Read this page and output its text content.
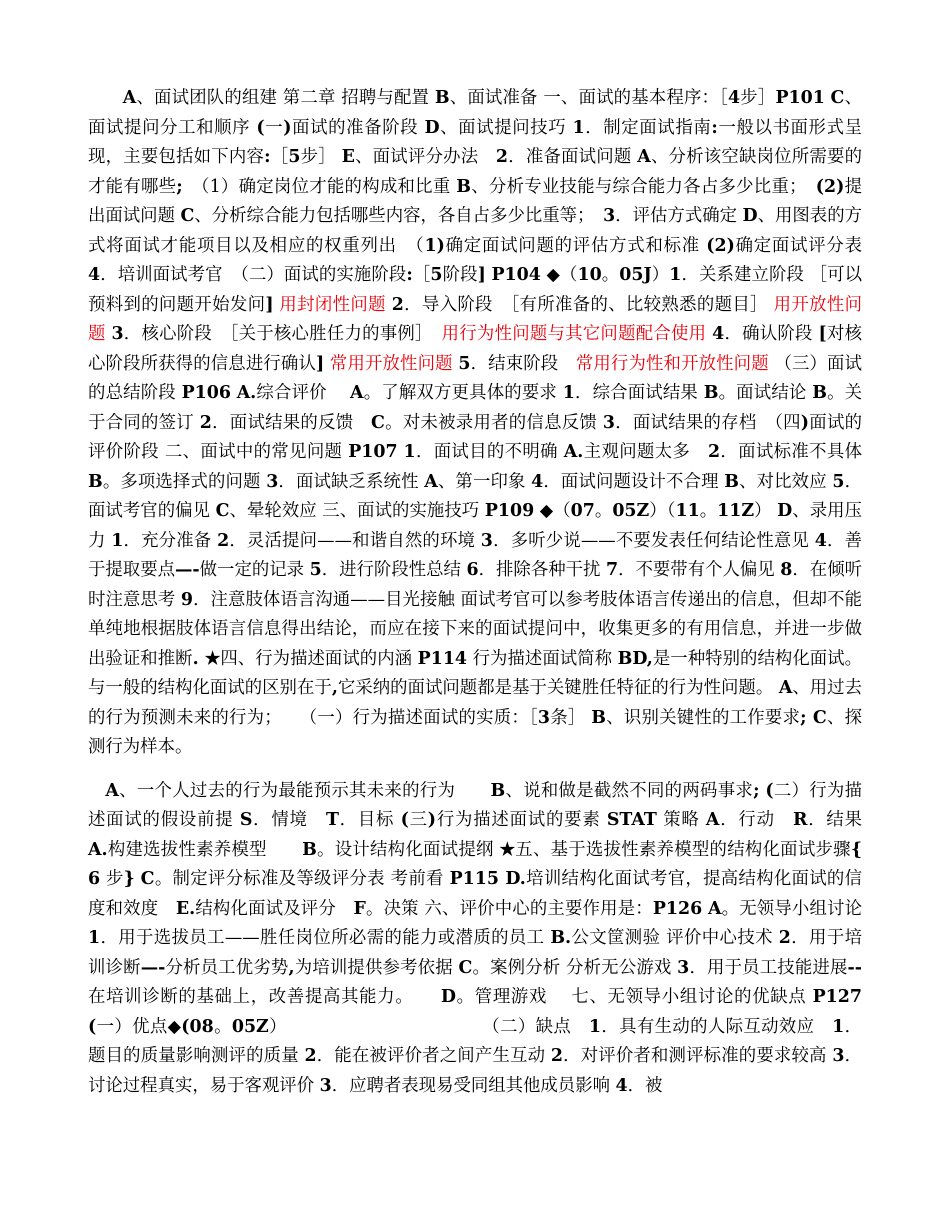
A、面试团队的组建 第二章 招聘与配置 B、面试准备 一、面试的基本程序：［4步］P101 C、面试提问分工和顺序 (一)面试的准备阶段 D、面试提问技巧 1．制定面试指南:一般以书面形式呈现，主要包括如下内容:［5步］ E、面试评分办法　2．准备面试问题 A、分析该空缺岗位所需要的才能有哪些;　（1）确定岗位才能的构成和比重 B、分析专业技能与综合能力各占多少比重；　(2)提出面试问题 C、分析综合能力包括哪些内容，各自占多少比重等；　3．评估方式确定 D、用图表的方式将面试才能项目以及相应的权重列出　（1)确定面试问题的评估方式和标准 (2)确定面试评分表 4．培训面试考官　（二）面试的实施阶段:［5阶段] P104 ◆（10。05J）1．关系建立阶段 ［可以预料到的问题开始发问] 用封闭性问题 2．导入阶段　［有所准备的、比较熟悉的题目］ 用开放性问题 3．核心阶段　［关于核心胜任力的事例］　用行为性问题与其它问题配合使用 4．确认阶段 [对核心阶段所获得的信息进行确认] 常用开放性问题 5．结束阶段　常用行为性和开放性问题 （三）面试的总结阶段 P106 A.综合评价　 A。了解双方更具体的要求 1．综合面试结果 B。面试结论 B。关于合同的签订 2．面试结果的反馈　C。对未被录用者的信息反馈 3．面试结果的存档　（四)面试的评价阶段 二、面试中的常见问题 P107 1．面试目的不明确 A.主观问题太多　2．面试标准不具体 B。多项选择式的问题 3．面试缺乏系统性 A、第一印象 4．面试问题设计不合理 B、对比效应 5．面试考官的偏见 C、晕轮效应 三、面试的实施技巧 P109 ◆（07。05Z）（11。11Z） D、录用压力 1．充分准备 2．灵活提问——和谐自然的环境 3．多听少说——不要发表任何结论性意见 4．善于提取要点—-做一定的记录 5．进行阶段性总结 6．排除各种干扰 7．不要带有个人偏见 8．在倾听时注意思考 9．注意肢体语言沟通——目光接触 面试考官可以参考肢体语言传递出的信息，但却不能单纯地根据肢体语言信息得出结论，而应在接下来的面试提问中，收集更多的有用信息，并进一步做出验证和推断. ★四、行为描述面试的内涵 P114 行为描述面试简称 BD,是一种特别的结构化面试。与一般的结构化面试的区别在于,它采纳的面试问题都是基于关键胜任特征的行为性问题。 A、用过去的行为预测未来的行为；　　（一）行为描述面试的实质：［3条］ B、识别关键性的工作要求; C、探测行为样本。

A、一个人过去的行为最能预示其未来的行为　　B、说和做是截然不同的两码事求; (二）行为描述面试的假设前提 S．情境　T．目标 (三)行为描述面试的要素 STAT 策略 A．行动　R．结果　A.构建选拔性素养模型　　B。设计结构化面试提纲 ★五、基于选拔性素养模型的结构化面试步骤{ 6 步} C。制定评分标准及等级评分表 考前看 P115 D.培训结构化面试考官，提高结构化面试的信度和效度　E.结构化面试及评分　F。决策 六、评价中心的主要作用是：P126 A。无领导小组讨论　　1．用于选拔员工——胜任岗位所必需的能力或潜质的员工 B.公文筐测验 评价中心技术 2．用于培训诊断—-分析员工优劣势,为培训提供参考依据 C。案例分析 分析无公游戏 3．用于员工技能进展--在培训诊断的基础上，改善提高其能力。　　D。管理游戏　 七、无领导小组讨论的优缺点 P127 (一）优点◆(08。05Z）　　　　　　　　　　　　（二）缺点　1．具有生动的人际互动效应　1．题目的质量影响测评的质量 2．能在被评价者之间产生互动 2．对评价者和测评标准的要求较高 3．讨论过程真实，易于客观评价 3．应聘者表现易受同组其他成员影响 4．被
